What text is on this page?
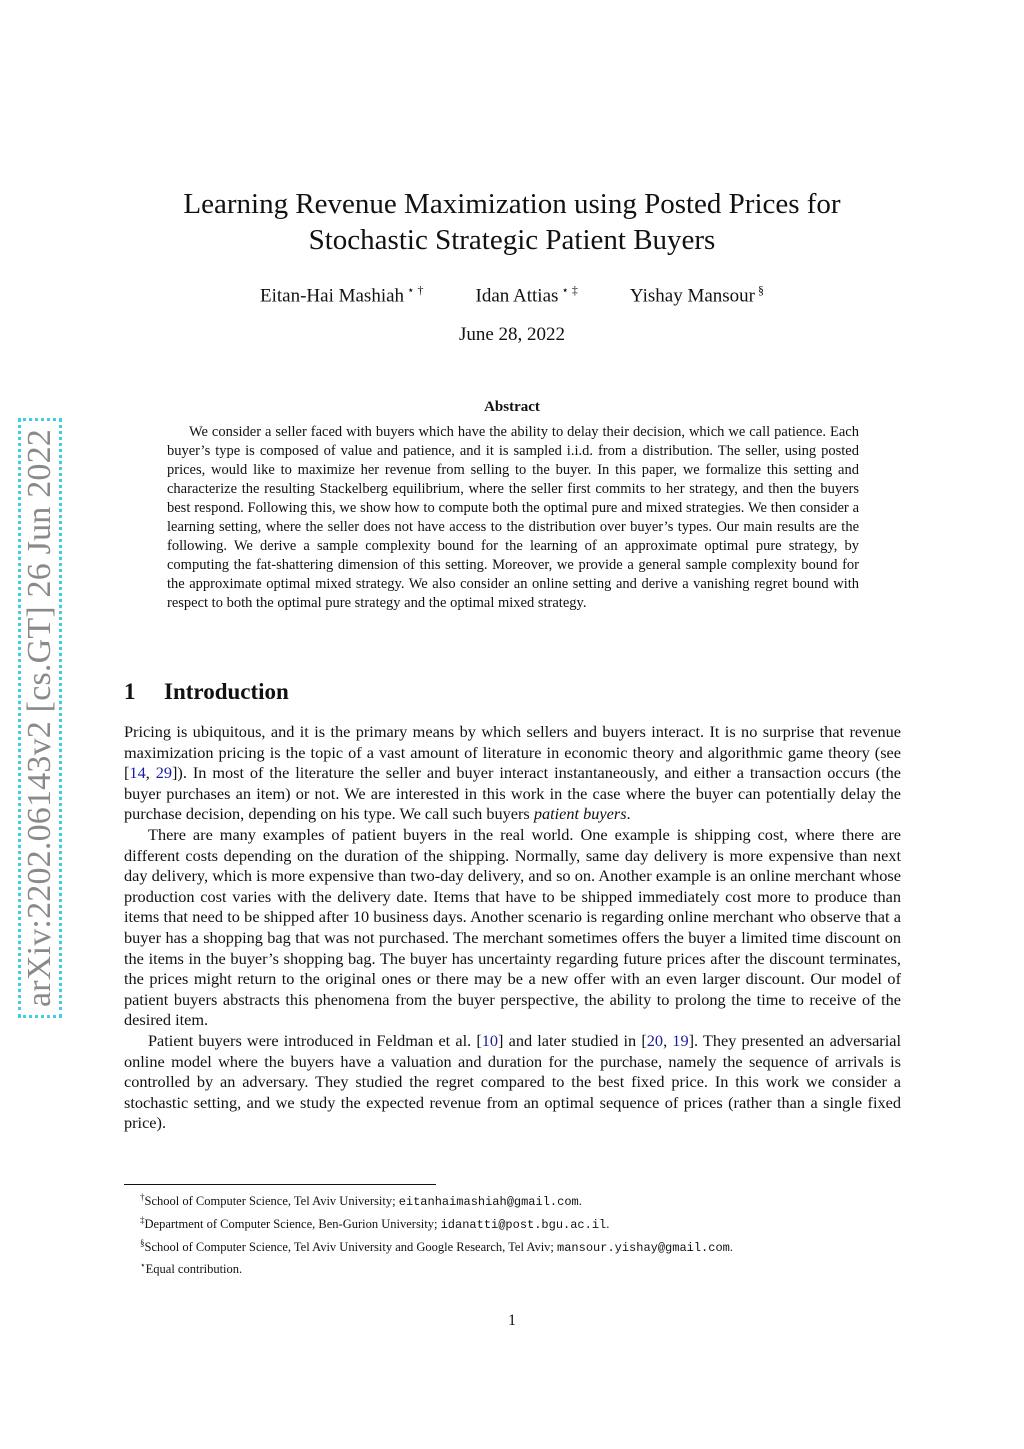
arXiv:2202.06143v2 [cs.GT] 26 Jun 2022
Learning Revenue Maximization using Posted Prices for
Stochastic Strategic Patient Buyers
Eitan-Hai Mashiah ⋆ †	Idan Attias ⋆ ‡	Yishay Mansour §
June 28, 2022
Abstract

We consider a seller faced with buyers which have the ability to delay their decision, which we call patience. Each buyer’s type is composed of value and patience, and it is sampled i.i.d. from a distribution. The seller, using posted prices, would like to maximize her revenue from selling to the buyer. In this paper, we formalize this setting and characterize the resulting Stackelberg equilibrium, where the seller first commits to her strategy, and then the buyers best respond. Following this, we show how to compute both the optimal pure and mixed strategies. We then consider a learning setting, where the seller does not have access to the distribution over buyer’s types. Our main results are the following. We derive a sample complexity bound for the learning of an approximate optimal pure strategy, by computing the fat-shattering dimension of this setting. Moreover, we provide a general sample complexity bound for the approximate optimal mixed strategy. We also consider an online setting and derive a vanishing regret bound with respect to both the optimal pure strategy and the optimal mixed strategy.

1 Introduction

Pricing is ubiquitous, and it is the primary means by which sellers and buyers interact. It is no surprise that revenue maximization pricing is the topic of a vast amount of literature in economic theory and algorithmic game theory (see [14, 29]). In most of the literature the seller and buyer interact instantaneously, and either a transaction occurs (the buyer purchases an item) or not. We are interested in this work in the case where the buyer can potentially delay the purchase decision, depending on his type. We call such buyers patient buyers.

There are many examples of patient buyers in the real world. One example is shipping cost, where there are different costs depending on the duration of the shipping. Normally, same day delivery is more expensive than next day delivery, which is more expensive than two-day delivery, and so on. Another example is an online merchant whose production cost varies with the delivery date. Items that have to be shipped immediately cost more to produce than items that need to be shipped after 10 business days. Another scenario is regarding online merchant who observe that a buyer has a shopping bag that was not purchased. The merchant sometimes offers the buyer a limited time discount on the items in the buyer’s shopping bag. The buyer has uncertainty regarding future prices after the discount terminates, the prices might return to the original ones or there may be a new offer with an even larger discount. Our model of patient buyers abstracts this phenomena from the buyer perspective, the ability to prolong the time to receive of the desired item.

Patient buyers were introduced in Feldman et al. [10] and later studied in [20, 19]. They presented an adversarial online model where the buyers have a valuation and duration for the purchase, namely the sequence of arrivals is controlled by an adversary. They studied the regret compared to the best fixed price. In this work we consider a stochastic setting, and we study the expected revenue from an optimal sequence of prices (rather than a single fixed price).

†School of Computer Science, Tel Aviv University; eitanhaimashiah@gmail.com.
‡Department of Computer Science, Ben-Gurion University; idanatti@post.bgu.ac.il.
§School of Computer Science, Tel Aviv University and Google Research, Tel Aviv; mansour.yishay@gmail.com.
⋆Equal contribution.
1
